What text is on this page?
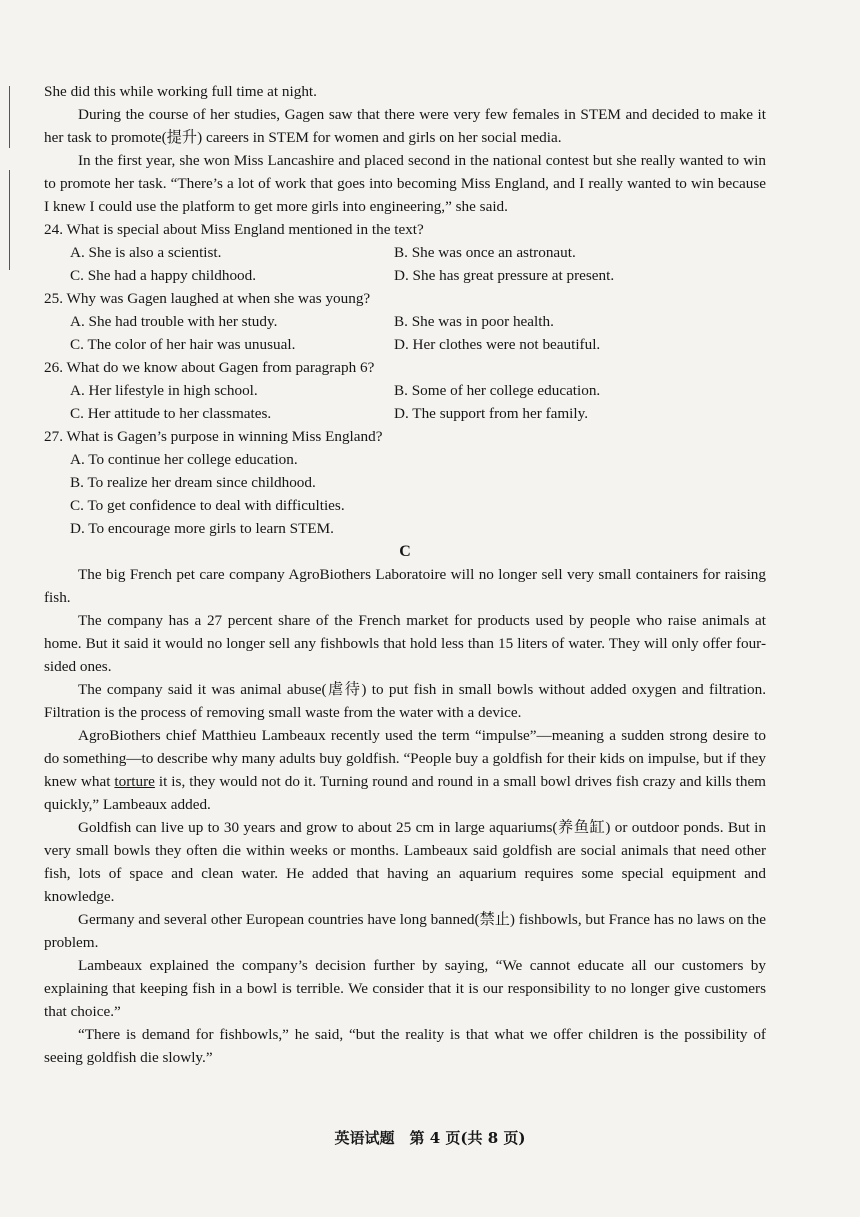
She did this while working full time at night.

During the course of her studies, Gagen saw that there were very few females in STEM and decided to make it her task to promote(提升) careers in STEM for women and girls on her social media.

In the first year, she won Miss Lancashire and placed second in the national contest but she really wanted to win to promote her task. “There’s a lot of work that goes into becoming Miss England, and I really wanted to win because I knew I could use the platform to get more girls into engineering,” she said.

24. What is special about Miss England mentioned in the text?

A. She is also a scientist.	B. She was once an astronaut.
C. She had a happy childhood.	D. She has great pressure at present.

25. Why was Gagen laughed at when she was young?

A. She had trouble with her study.	B. She was in poor health.
C. The color of her hair was unusual.	D. Her clothes were not beautiful.

26. What do we know about Gagen from paragraph 6?

A. Her lifestyle in high school.	B. Some of her college education.
C. Her attitude to her classmates.	D. The support from her family.

27. What is Gagen’s purpose in winning Miss England?

A. To continue her college education.
B. To realize her dream since childhood.
C. To get confidence to deal with difficulties.
D. To encourage more girls to learn STEM.

C

The big French pet care company AgroBiothers Laboratoire will no longer sell very small containers for raising fish.

The company has a 27 percent share of the French market for products used by people who raise animals at home. But it said it would no longer sell any fishbowls that hold less than 15 liters of water. They will only offer four-sided ones.

The company said it was animal abuse(虐待) to put fish in small bowls without added oxygen and filtration. Filtration is the process of removing small waste from the water with a device.

AgroBiothers chief Matthieu Lambeaux recently used the term “impulse”—meaning a sudden strong desire to do something—to describe why many adults buy goldfish. “People buy a goldfish for their kids on impulse, but if they knew what torture it is, they would not do it. Turning round and round in a small bowl drives fish crazy and kills them quickly,” Lambeaux added.

Goldfish can live up to 30 years and grow to about 25 cm in large aquariums(养鱼缸) or outdoor ponds. But in very small bowls they often die within weeks or months. Lambeaux said goldfish are social animals that need other fish, lots of space and clean water. He added that having an aquarium requires some special equipment and knowledge.

Germany and several other European countries have long banned(禁止) fishbowls, but France has no laws on the problem.

Lambeaux explained the company’s decision further by saying, “We cannot educate all our customers by explaining that keeping fish in a bowl is terrible. We consider that it is our responsibility to no longer give customers that choice.”

“There is demand for fishbowls,” he said, “but the reality is that what we offer children is the possibility of seeing goldfish die slowly.”

英语试题　第 4 页(共 8 页)
